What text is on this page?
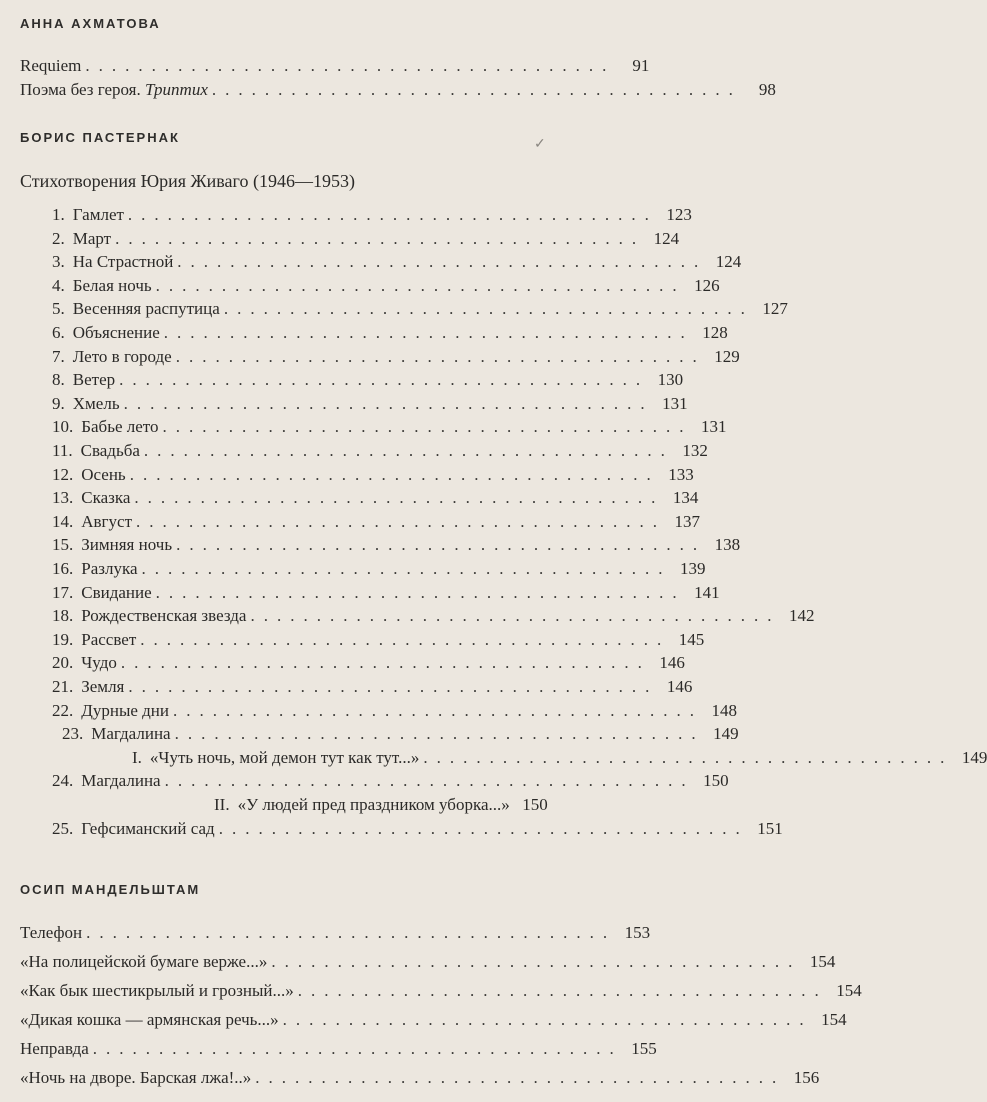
АННА АХМАТОВА
Requiem ........................................	91
Поэма без героя. Триптих ........................................	98
БОРИС ПАСТЕРНАК	✓
Стихотворения Юрия Живаго (1946—1953)
1. Гамлет ........................................ 123
2. Март ........................................ 124
3. На Страстной ........................................ 124
4. Белая ночь ........................................ 126
5. Весенняя распутица ........................................ 127
6. Объяснение ........................................ 128
7. Лето в городе ........................................ 129
8. Ветер ........................................ 130
9. Хмель ........................................ 131
10. Бабье лето ........................................ 131
11. Свадьба ........................................ 132
12. Осень ........................................ 133
13. Сказка ........................................ 134
14. Август ........................................ 137
15. Зимняя ночь ........................................ 138
16. Разлука ........................................ 139
17. Свидание ........................................ 141
18. Рождественская звезда ........................................ 142
19. Рассвет ........................................ 145
20. Чудо ........................................ 146
21. Земля ........................................ 146
22. Дурные дни ........................................ 148
23. Магдалина ........................................ 149
I. «Чуть ночь, мой демон тут как тут...» ........................................ 149
24. Магдалина ........................................ 150
II. «У людей пред праздником уборка...» 150
25. Гефсиманский сад ........................................ 151
ОСИП МАНДЕЛЬШТАМ
Телефон ........................................ 153
«На полицейской бумаге верже...» ........................................ 154
«Как бык шестикрылый и грозный...» ........................................ 154
«Дикая кошка — армянская речь...» ........................................ 154
Неправда ........................................ 155
«Ночь на дворе. Барская лжа!..» ........................................ 156
